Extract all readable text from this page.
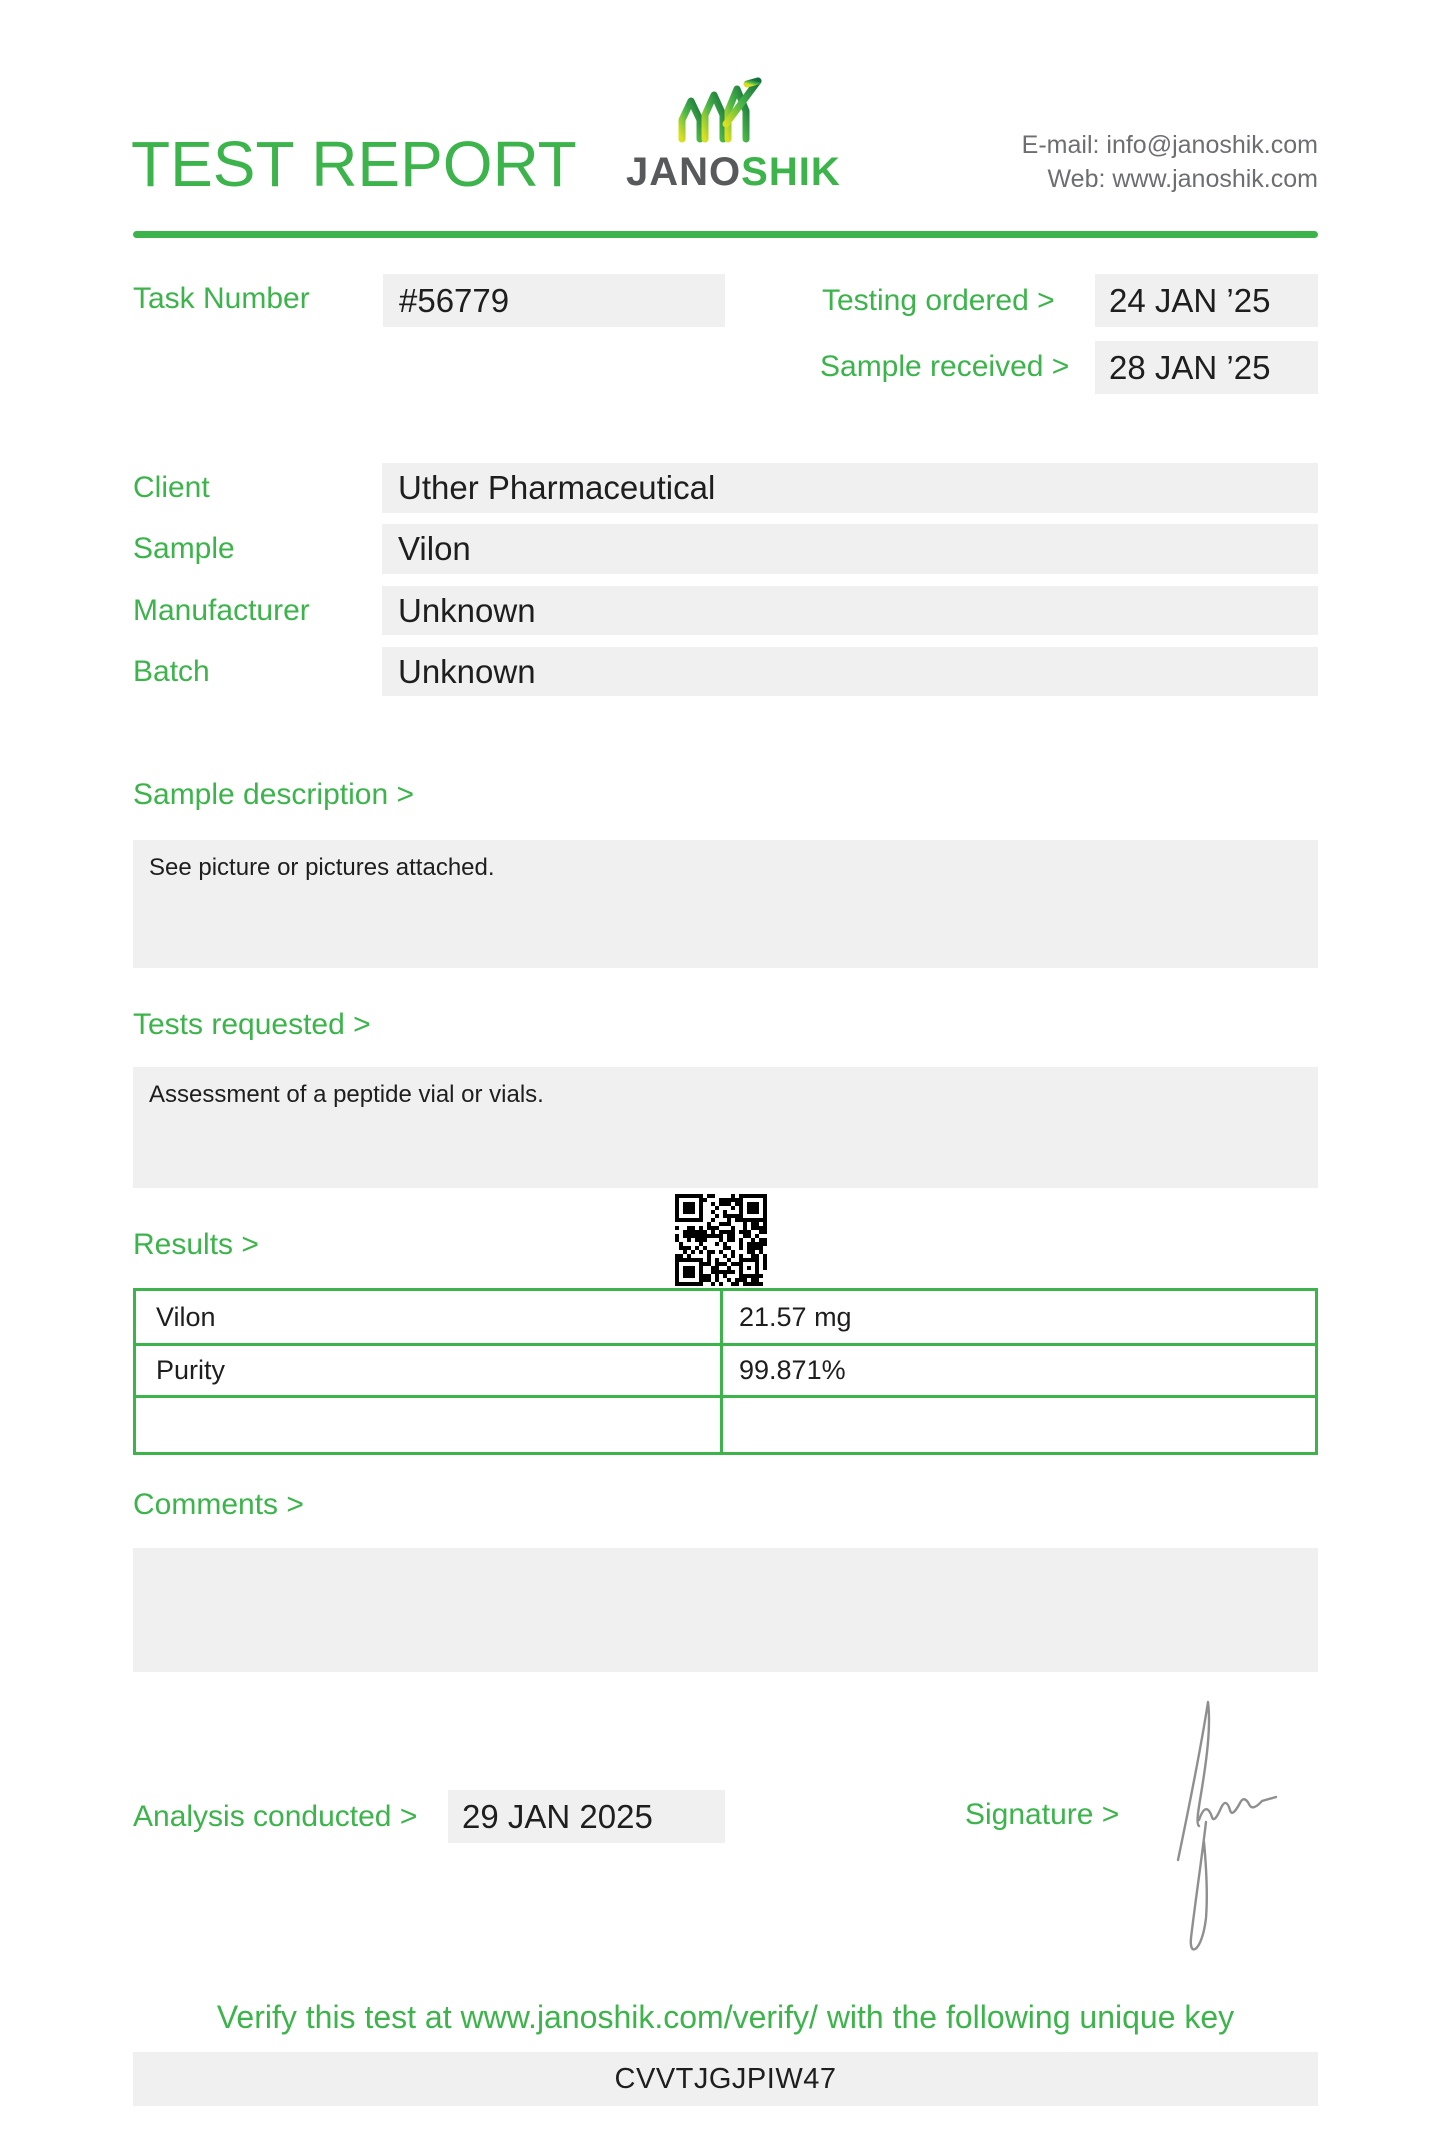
TEST REPORT JANOSHIK
E-mail: info@janoshik.com
Web: www.janoshik.com
Task Number	#56779	Testing ordered >	24 JAN ’25
Sample received >	28 JAN ’25
Client	Uther Pharmaceutical
Sample	Vilon
Manufacturer	Unknown
Batch	Unknown
Sample description >
See picture or pictures attached.
Tests requested >
Assessment of a peptide vial or vials.
Results >
Vilon	21.57 mg
Purity	99.871%
Comments >
Analysis conducted >	29 JAN 2025	Signature >
Verify this test at www.janoshik.com/verify/ with the following unique key
CVVTJGJPIW47
